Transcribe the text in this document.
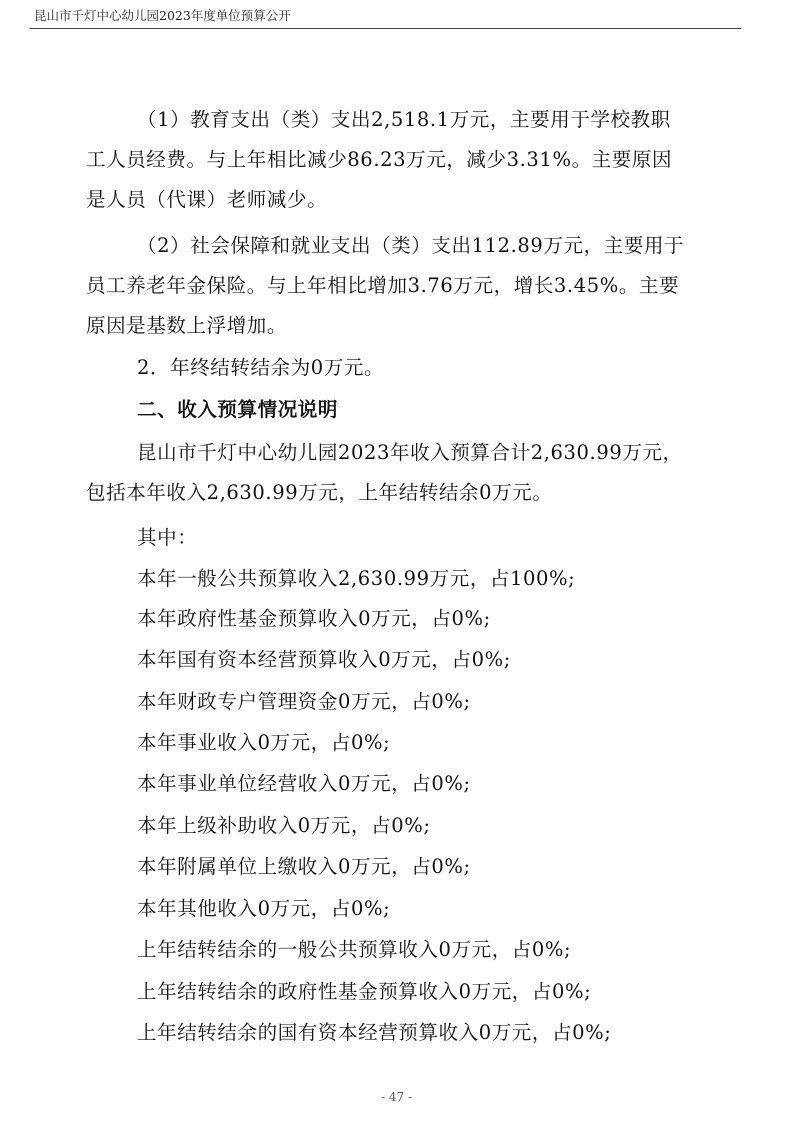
昆山市千灯中心幼儿园2023年度单位预算公开
（1）教育支出（类）支出2,518.1万元，主要用于学校教职
工人员经费。与上年相比减少86.23万元，减少3.31%。主要原因
是人员（代课）老师减少。
（2）社会保障和就业支出（类）支出112.89万元，主要用于
员工养老年金保险。与上年相比增加3.76万元，增长3.45%。主要
原因是基数上浮增加。
2．年终结转结余为0万元。
二、收入预算情况说明
昆山市千灯中心幼儿园2023年收入预算合计2,630.99万元，
包括本年收入2,630.99万元，上年结转结余0万元。
其中：
本年一般公共预算收入2,630.99万元，占100%;
本年政府性基金预算收入0万元，占0%;
本年国有资本经营预算收入0万元，占0%;
本年财政专户管理资金0万元，占0%;
本年事业收入0万元，占0%;
本年事业单位经营收入0万元，占0%;
本年上级补助收入0万元，占0%;
本年附属单位上缴收入0万元，占0%;
本年其他收入0万元，占0%;
上年结转结余的一般公共预算收入0万元，占0%;
上年结转结余的政府性基金预算收入0万元，占0%;
上年结转结余的国有资本经营预算收入0万元，占0%;
- 47 -
